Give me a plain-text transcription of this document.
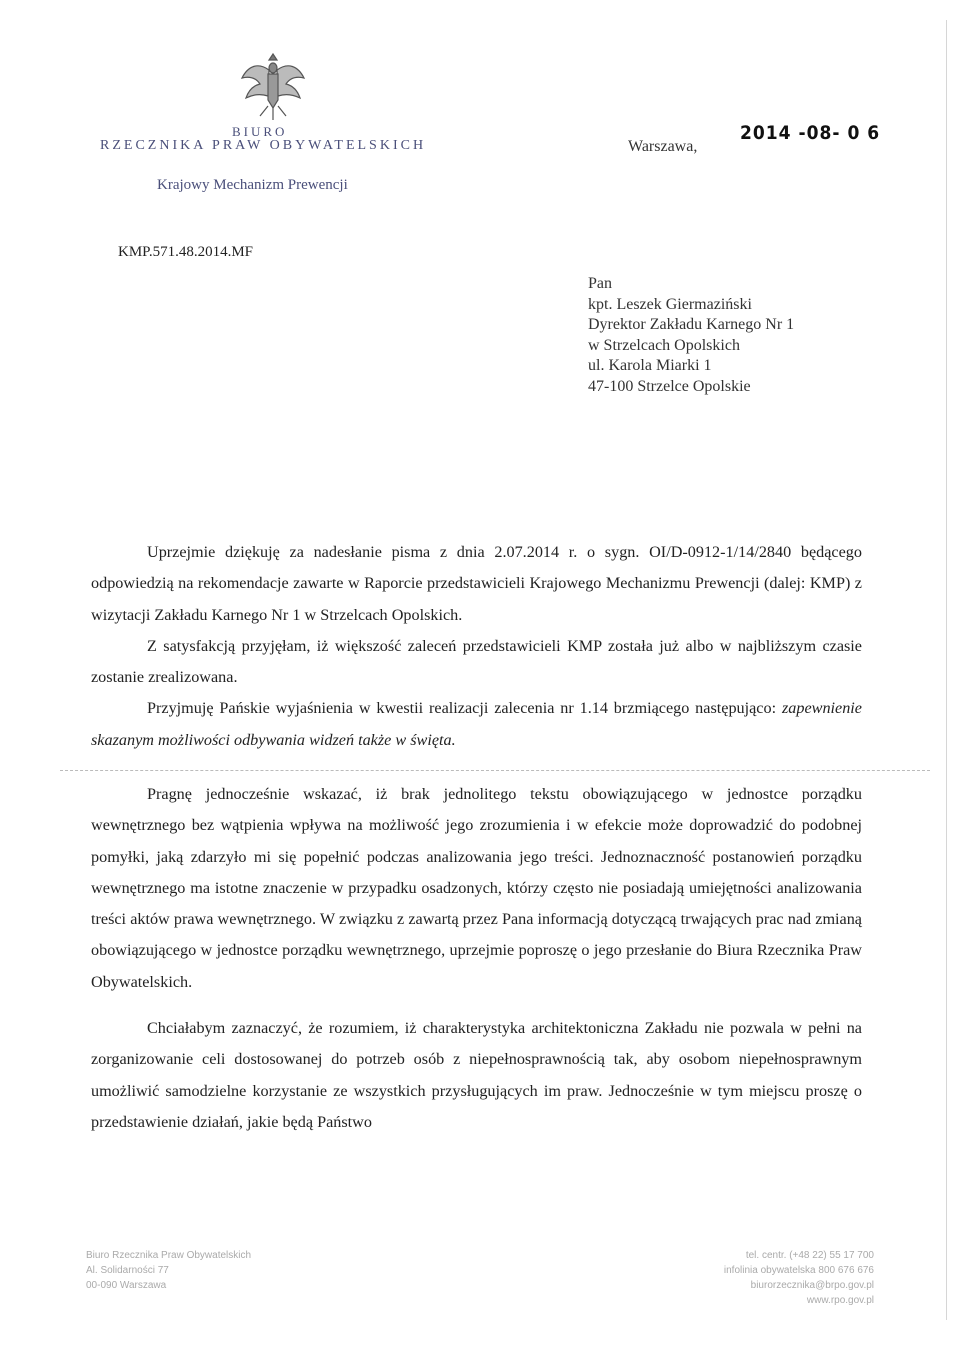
BIURO
RZECZNIKA PRAW OBYWATELSKICH
Krajowy Mechanizm Prewencji
Warszawa,
2014 -08- 0 6
KMP.571.48.2014.MF
Pan
kpt. Leszek Giermaziński
Dyrektor Zakładu Karnego Nr 1
w Strzelcach Opolskich
ul. Karola Miarki 1
47-100 Strzelce Opolskie

Uprzejmie dziękuję za nadesłanie pisma z dnia 2.07.2014 r. o sygn. OI/D-0912-1/14/2840 będącego odpowiedzią na rekomendacje zawarte w Raporcie przedstawicieli Krajowego Mechanizmu Prewencji (dalej: KMP) z wizytacji Zakładu Karnego Nr 1 w Strzelcach Opolskich.

Z satysfakcją przyjęłam, iż większość zaleceń przedstawicieli KMP została już albo w najbliższym czasie zostanie zrealizowana.

Przyjmuję Pańskie wyjaśnienia w kwestii realizacji zalecenia nr 1.14 brzmiącego następująco: zapewnienie skazanym możliwości odbywania widzeń także w święta.

Pragnę jednocześnie wskazać, iż brak jednolitego tekstu obowiązującego w jednostce porządku wewnętrznego bez wątpienia wpływa na możliwość jego zrozumienia i w efekcie może doprowadzić do podobnej pomyłki, jaką zdarzyło mi się popełnić podczas analizowania jego treści. Jednoznaczność postanowień porządku wewnętrznego ma istotne znaczenie w przypadku osadzonych, którzy często nie posiadają umiejętności analizowania treści aktów prawa wewnętrznego. W związku z zawartą przez Pana informacją dotyczącą trwających prac nad zmianą obowiązującego w jednostce porządku wewnętrznego, uprzejmie poproszę o jego przesłanie do Biura Rzecznika Praw Obywatelskich.

Chciałabym zaznaczyć, że rozumiem, iż charakterystyka architektoniczna Zakładu nie pozwala w pełni na zorganizowanie celi dostosowanej do potrzeb osób z niepełnosprawnością tak, aby osobom niepełnosprawnym umożliwić samodzielne korzystanie ze wszystkich przysługujących im praw. Jednocześnie w tym miejscu proszę o przedstawienie działań, jakie będą Państwo

Biuro Rzecznika Praw Obywatelskich
Al. Solidarności 77
00-090 Warszawa
tel. centr. (+48 22) 55 17 700
infolinia obywatelska 800 676 676
biurorzecznika@brpo.gov.pl
www.rpo.gov.pl
